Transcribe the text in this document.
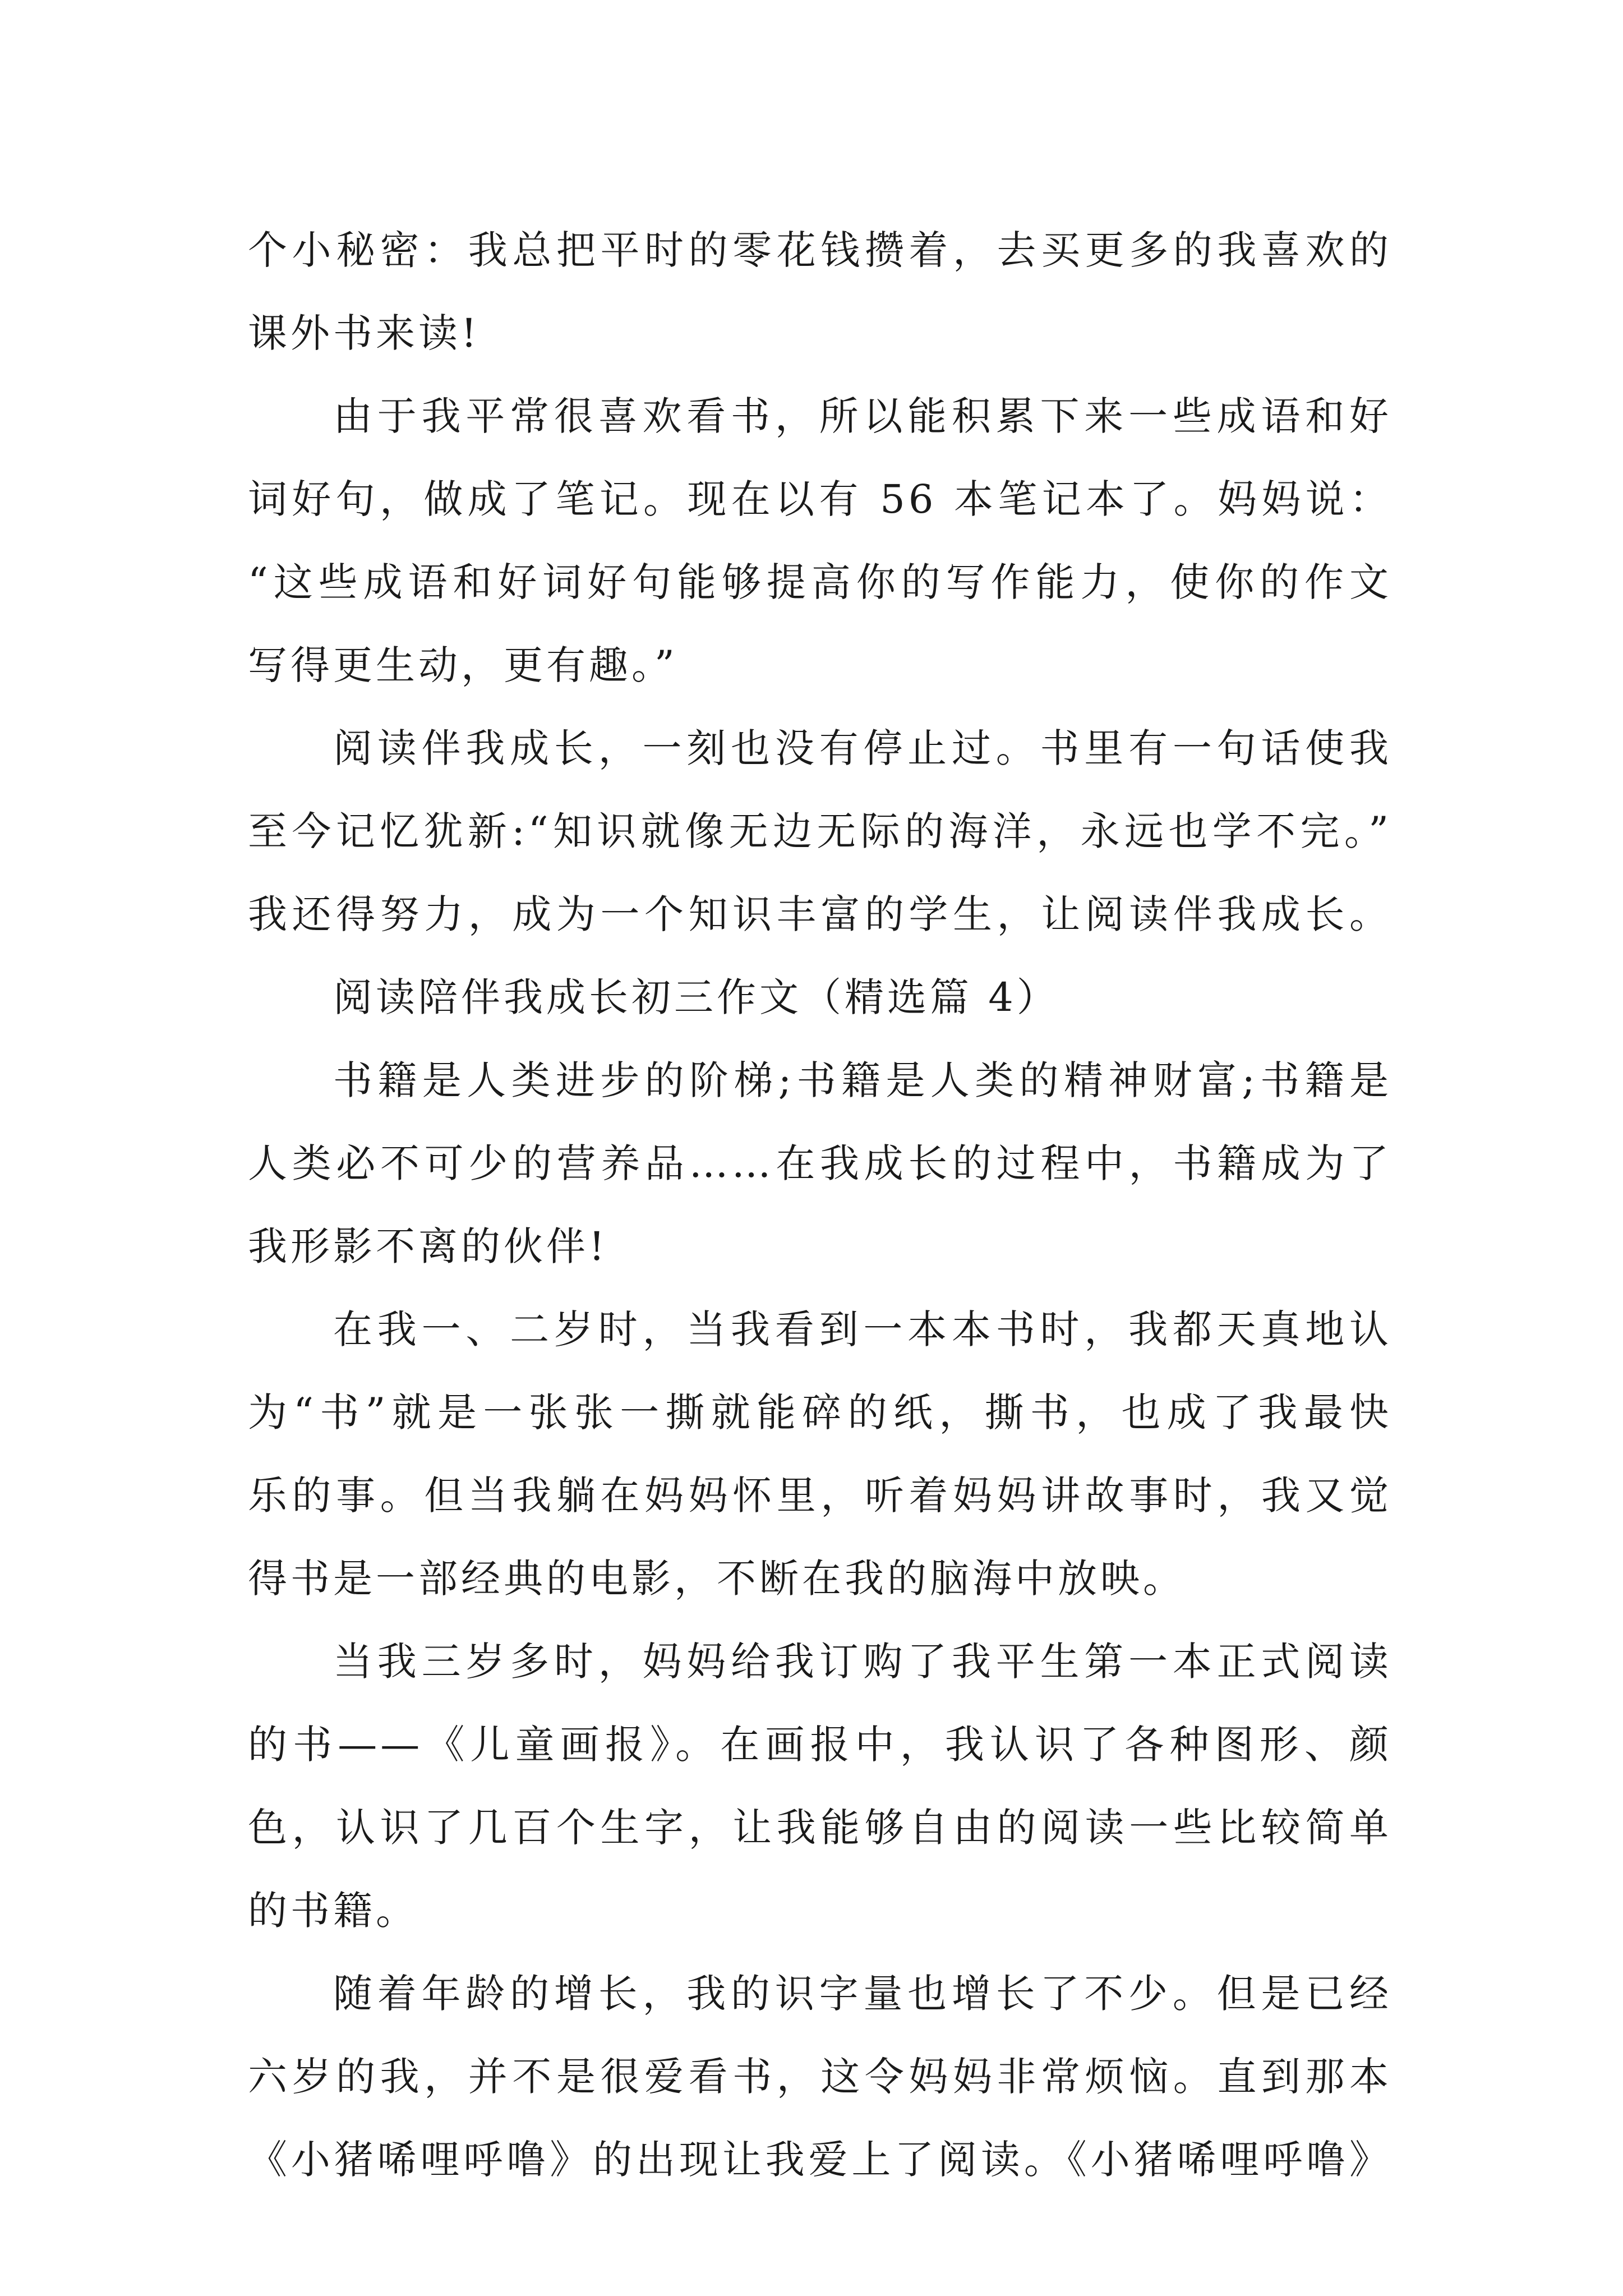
个小秘密：我总把平时的零花钱攒着，去买更多的我喜欢的
课外书来读!
由于我平常很喜欢看书，所以能积累下来一些成语和好
词好句，做成了笔记。现在以有 56 本笔记本了。妈妈说：
“这些成语和好词好句能够提高你的写作能力，使你的作文
写得更生动，更有趣。”
阅读伴我成长，一刻也没有停止过。书里有一句话使我
至今记忆犹新:“知识就像无边无际的海洋，永远也学不完。”
我还得努力，成为一个知识丰富的学生，让阅读伴我成长。
阅读陪伴我成长初三作文（精选篇 4）
书籍是人类进步的阶梯;书籍是人类的精神财富;书籍是
人类必不可少的营养品……在我成长的过程中，书籍成为了
我形影不离的伙伴!
在我一、二岁时，当我看到一本本书时，我都天真地认
为“书”就是一张张一撕就能碎的纸，撕书，也成了我最快
乐的事。但当我躺在妈妈怀里，听着妈妈讲故事时，我又觉
得书是一部经典的电影，不断在我的脑海中放映。
当我三岁多时，妈妈给我订购了我平生第一本正式阅读
的书——《儿童画报》。在画报中，我认识了各种图形、颜
色，认识了几百个生字，让我能够自由的阅读一些比较简单
的书籍。
随着年龄的增长，我的识字量也增长了不少。但是已经
六岁的我，并不是很爱看书，这令妈妈非常烦恼。直到那本
《小猪唏哩呼噜》的出现让我爱上了阅读。《小猪唏哩呼噜》
